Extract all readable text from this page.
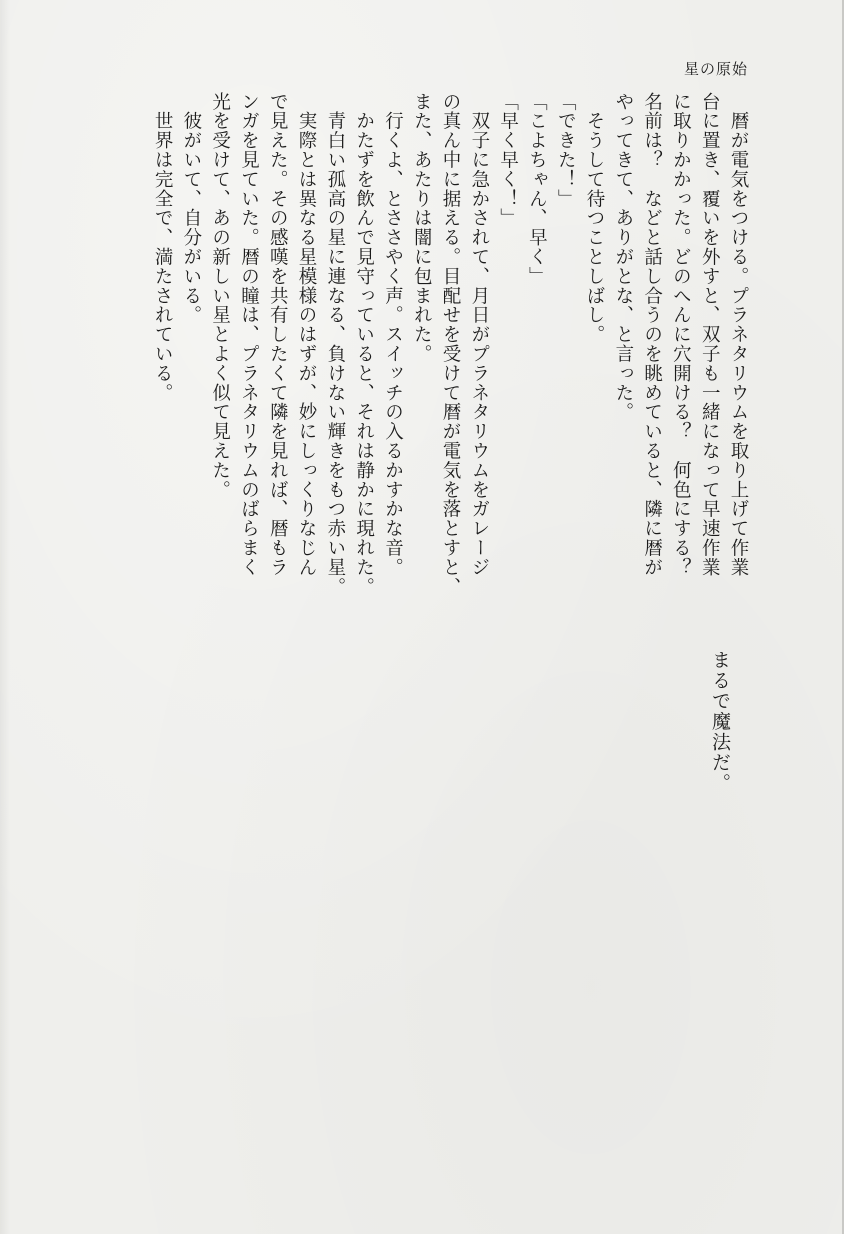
星の原始

　暦が電気をつける。プラネタリウムを取り上げて作業

台に置き、覆いを外すと、双子も一緒になって早速作業

に取りかかった。どのへんに穴開ける？　何色にする？

名前は？　などと話し合うのを眺めていると、隣に暦が

やってきて、ありがとな、と言った。

　そうして待つことしばし。

「できた！」

「こよちゃん、早く」

「早く早く！」

　双子に急かされて、月日がプラネタリウムをガレージ

の真ん中に据える。目配せを受けて暦が電気を落とすと、

また、あたりは闇に包まれた。

　行くよ、とささやく声。スイッチの入るかすかな音。

　かたずを飲んで見守っていると、それは静かに現れた。

　青白い孤高の星に連なる、負けない輝きをもつ赤い星。

　実際とは異なる星模様のはずが、妙にしっくりなじん

で見えた。その感嘆を共有したくて隣を見れば、暦もラ

ンガを見ていた。暦の瞳は、プラネタリウムのばらまく

光を受けて、あの新しい星とよく似て見えた。

　彼がいて、自分がいる。

　世界は完全で、満たされている。

まるで魔法だ。
